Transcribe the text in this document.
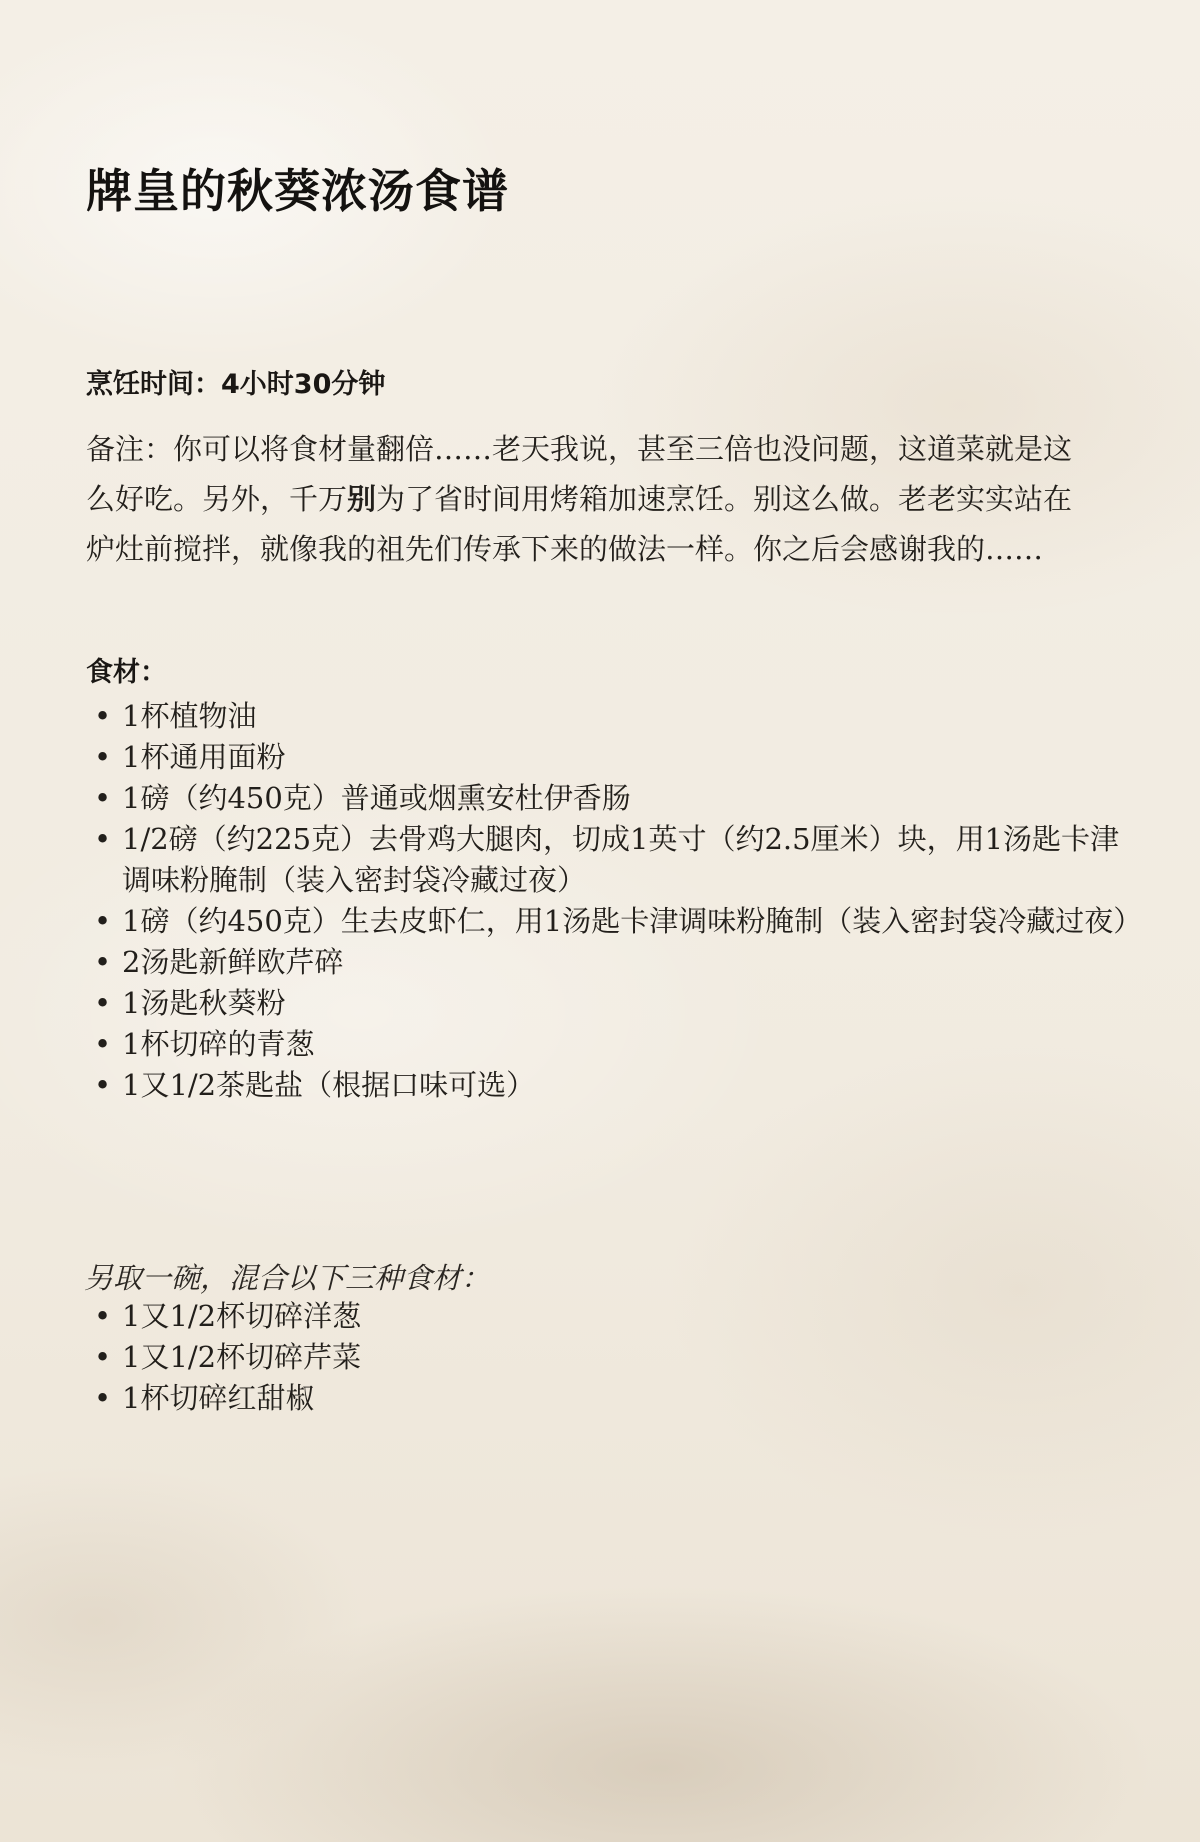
牌皇的秋葵浓汤食谱

烹饪时间：4小时30分钟

备注：你可以将食材量翻倍……老天我说，甚至三倍也没问题，这道菜就是这么好吃。另外，千万别为了省时间用烤箱加速烹饪。别这么做。老老实实站在炉灶前搅拌，就像我的祖先们传承下来的做法一样。你之后会感谢我的……

食材：

• 1杯植物油
• 1杯通用面粉
• 1磅（约450克）普通或烟熏安杜伊香肠
• 1/2磅（约225克）去骨鸡大腿肉，切成1英寸（约2.5厘米）块，用1汤匙卡津调味粉腌制（装入密封袋冷藏过夜）
• 1磅（约450克）生去皮虾仁，用1汤匙卡津调味粉腌制（装入密封袋冷藏过夜）
• 2汤匙新鲜欧芹碎
• 1汤匙秋葵粉
• 1杯切碎的青葱
• 1又1/2茶匙盐（根据口味可选）

另取一碗，混合以下三种食材：

• 1又1/2杯切碎洋葱
• 1又1/2杯切碎芹菜
• 1杯切碎红甜椒
